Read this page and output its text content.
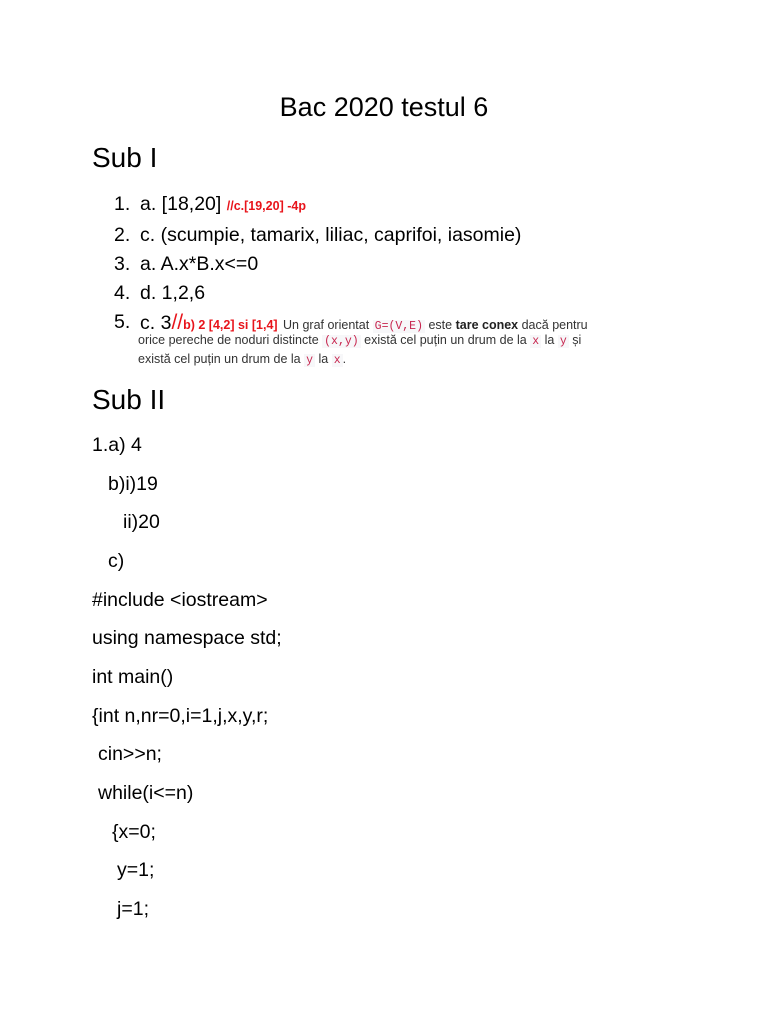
Bac 2020 testul 6
Sub I
1. a. [18,20] //c.[19,20] -4p
2. c. (scumpie, tamarix, liliac, caprifoi, iasomie)
3. a. A.x*B.x<=0
4. d. 1,2,6
5. c. 3//b) 2 [4,2] si [1,4] Un graf orientat G=(V,E) este tare conex dacă pentru
orice pereche de noduri distincte (x,y) există cel puțin un drum de la x la y și
există cel puțin un drum de la y la x .
Sub II
1.a) 4
b)i)19
ii)20
c)
#include <iostream>
using namespace std;
int main()
{int n,nr=0,i=1,j,x,y,r;
cin>>n;
while(i<=n)
{x=0;
y=1;
j=1;
